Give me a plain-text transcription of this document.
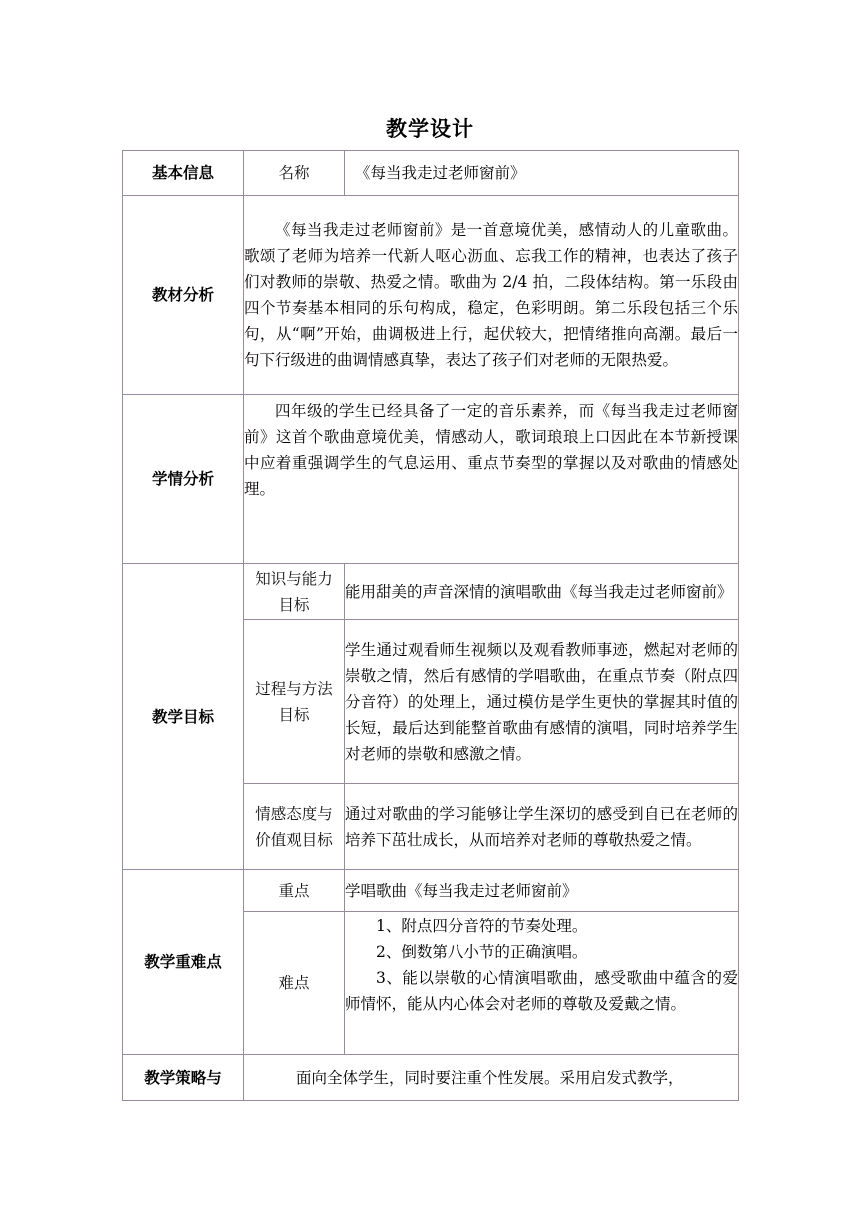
教学设计
基本信息	名称	《每当我走过老师窗前》
教材分析	《每当我走过老师窗前》是一首意境优美，感情动人的儿童歌曲。歌颂了老师为培养一代新人呕心沥血、忘我工作的精神，也表达了孩子们对教师的崇敬、热爱之情。歌曲为 2/4 拍，二段体结构。第一乐段由四个节奏基本相同的乐句构成，稳定，色彩明朗。第二乐段包括三个乐句，从“啊”开始，曲调极进上行，起伏较大，把情绪推向高潮。最后一句下行级进的曲调情感真挚，表达了孩子们对老师的无限热爱。	

学情分析	四年级的学生已经具备了一定的音乐素养，而《每当我走过老师窗前》这首个歌曲意境优美，情感动人，歌词琅琅上口因此在本节新授课中应着重强调学生的气息运用、重点节奏型的掌握以及对歌曲的情感处理。	

教学目标	知识与能力目标	能用甜美的声音深情的演唱歌曲《每当我走过老师窗前》
	过程与方法目标	学生通过观看师生视频以及观看教师事迹，燃起对老师的崇敬之情，然后有感情的学唱歌曲，在重点节奏（附点四分音符）的处理上，通过模仿是学生更快的掌握其时值的长短，最后达到能整首歌曲有感情的演唱，同时培养学生对老师的崇敬和感激之情。
	情感态度与价值观目标	通过对歌曲的学习能够让学生深切的感受到自已在老师的培养下茁壮成长，从而培养对老师的尊敬热爱之情。
教学重难点	重点	学唱歌曲《每当我走过老师窗前》
	难点	1、附点四分音符的节奏处理。

2、倒数第八小节的正确演唱。

3、能以崇敬的心情演唱歌曲，感受歌曲中蕴含的爱师情怀，能从内心体会对老师的尊敬及爱戴之情。

教学策略与	面向全体学生，同时要注重个性发展。采用启发式教学，	
